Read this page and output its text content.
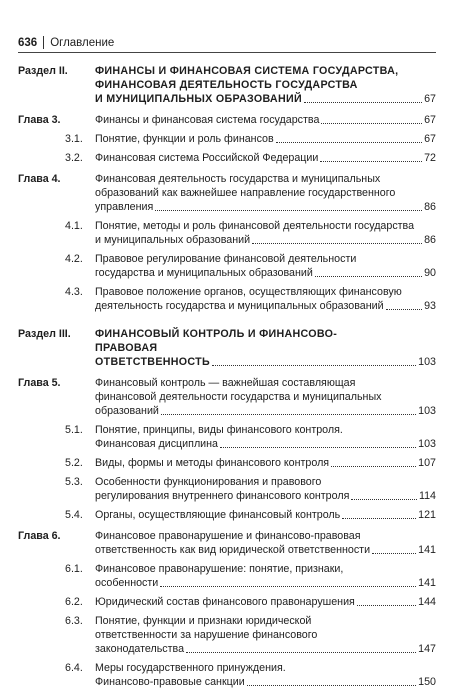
636 Оглавление
Раздел II.	ФИНАНСЫ И ФИНАНСОВАЯ СИСТЕМА ГОСУДАРСТВА,
ФИНАНСОВАЯ ДЕЯТЕЛЬНОСТЬ ГОСУДАРСТВА
И МУНИЦИПАЛЬНЫХ ОБРАЗОВАНИЙ	67
Глава 3.	Финансы и финансовая система государства	67
3.1. Понятие, функции и роль финансов	67
3.2. Финансовая система Российской Федерации	72
Глава 4.	Финансовая деятельность государства и муниципальных
образований как важнейшее направление государственного
управления	86
4.1. Понятие, методы и роль финансовой деятельности государства
и муниципальных образований	86
4.2. Правовое регулирование финансовой деятельности
государства и муниципальных образований	90
4.3. Правовое положение органов, осуществляющих финансовую
деятельность государства и муниципальных образований	93
Раздел III. ФИНАНСОВЫЙ КОНТРОЛЬ И ФИНАНСОВО-
ПРАВОВАЯ
ОТВЕТСТВЕННОСТЬ	103
Глава 5.	Финансовый контроль — важнейшая составляющая
финансовой деятельности государства и муниципальных
образований	103
5.1. Понятие, принципы, виды финансового контроля.
Финансовая дисциплина	103
5.2. Виды, формы и методы финансового контроля	107
5.3. Особенности функционирования и правового
регулирования внутреннего финансового контроля	114
5.4. Органы, осуществляющие финансовый контроль	121
Глава 6.	Финансовое правонарушение и финансово-правовая
ответственность как вид юридической ответственности	141
6.1. Финансовое правонарушение: понятие, признаки,
особенности	141
6.2. Юридический состав финансового правонарушения	144
6.3. Понятие, функции и признаки юридической
ответственности за нарушение финансового
законодательства	147
6.4. Меры государственного принуждения.
Финансово-правовые санкции	150
